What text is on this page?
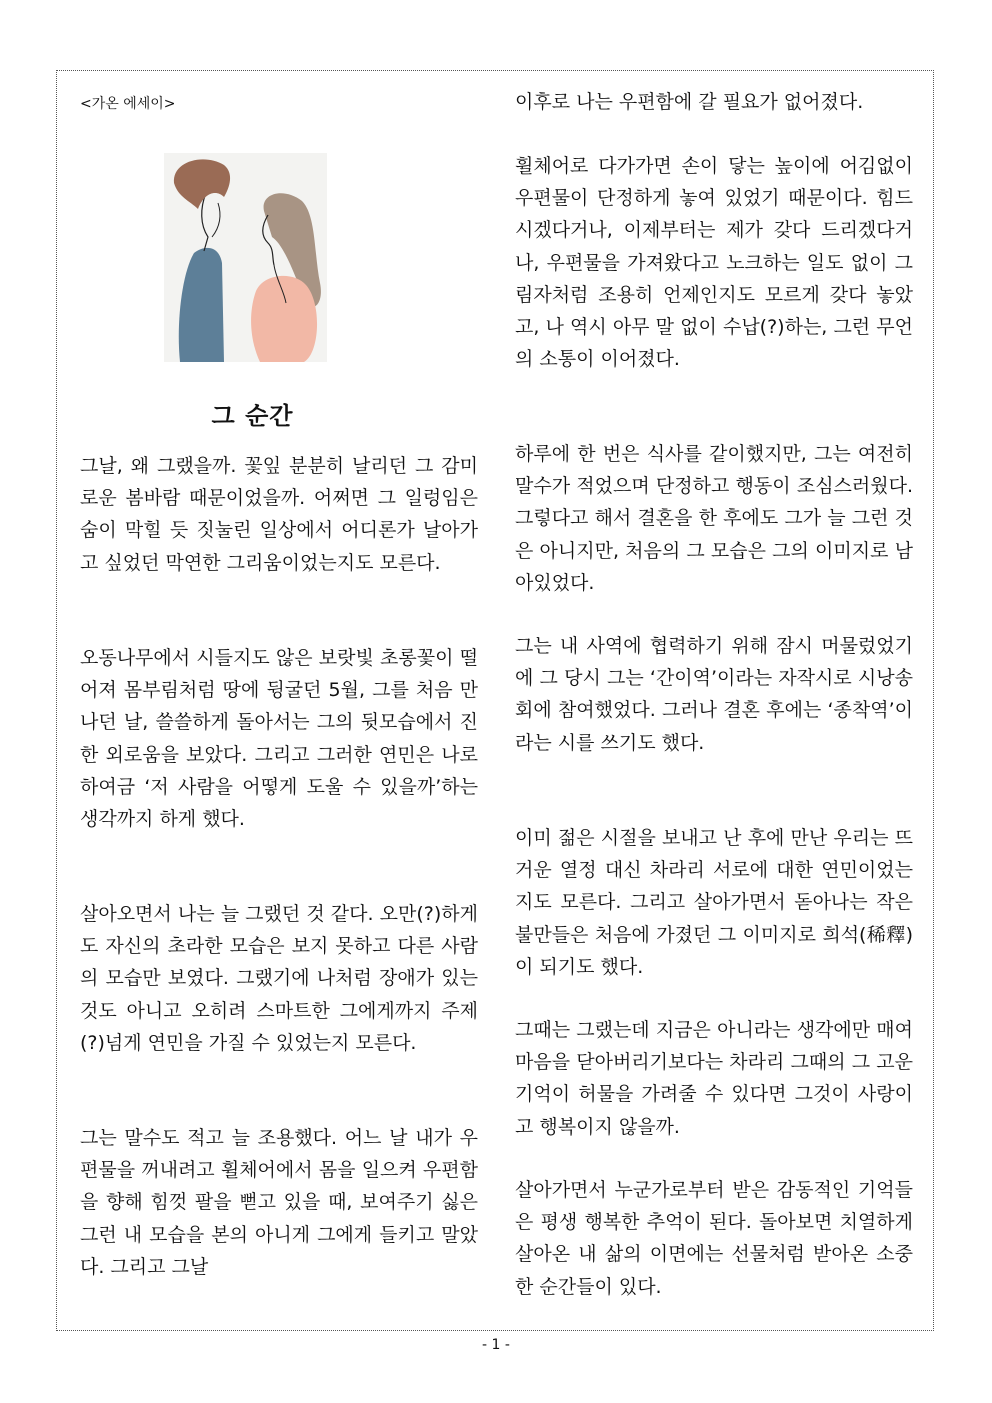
<가온 에세이>
그 순간

그날, 왜 그랬을까. 꽃잎 분분히 날리던 그 감미로운 봄바람 때문이었을까. 어쩌면 그 일렁임은 숨이 막힐 듯 짓눌린 일상에서 어디론가 날아가고 싶었던 막연한 그리움이었는지도 모른다.

오동나무에서 시들지도 않은 보랏빛 초롱꽃이 떨어져 몸부림처럼 땅에 뒹굴던 5월, 그를 처음 만나던 날, 쓸쓸하게 돌아서는 그의 뒷모습에서 진한 외로움을 보았다. 그리고 그러한 연민은 나로 하여금 ‘저 사람을 어떻게 도울 수 있을까’하는 생각까지 하게 했다.

살아오면서 나는 늘 그랬던 것 같다. 오만(?)하게도 자신의 초라한 모습은 보지 못하고 다른 사람의 모습만 보였다. 그랬기에 나처럼 장애가 있는 것도 아니고 오히려 스마트한 그에게까지 주제(?)넘게 연민을 가질 수 있었는지 모른다.

그는 말수도 적고 늘 조용했다. 어느 날 내가 우편물을 꺼내려고 휠체어에서 몸을 일으켜 우편함을 향해 힘껏 팔을 뻗고 있을 때, 보여주기 싫은 그런 내 모습을 본의 아니게 그에게 들키고 말았다. 그리고 그날

이후로 나는 우편함에 갈 필요가 없어졌다.

휠체어로 다가가면 손이 닿는 높이에 어김없이 우편물이 단정하게 놓여 있었기 때문이다. 힘드시겠다거나, 이제부터는 제가 갖다 드리겠다거나, 우편물을 가져왔다고 노크하는 일도 없이 그림자처럼 조용히 언제인지도 모르게 갖다 놓았고, 나 역시 아무 말 없이 수납(?)하는, 그런 무언의 소통이 이어졌다.

하루에 한 번은 식사를 같이했지만, 그는 여전히 말수가 적었으며 단정하고 행동이 조심스러웠다. 그렇다고 해서 결혼을 한 후에도 그가 늘 그런 것은 아니지만, 처음의 그 모습은 그의 이미지로 남아있었다.

그는 내 사역에 협력하기 위해 잠시 머물렀었기에 그 당시 그는 ‘간이역’이라는 자작시로 시낭송회에 참여했었다. 그러나 결혼 후에는 ‘종착역’이라는 시를 쓰기도 했다.

이미 젊은 시절을 보내고 난 후에 만난 우리는 뜨거운 열정 대신 차라리 서로에 대한 연민이었는지도 모른다. 그리고 살아가면서 돋아나는 작은 불만들은 처음에 가졌던 그 이미지로 희석(稀釋)이 되기도 했다.

그때는 그랬는데 지금은 아니라는 생각에만 매여 마음을 닫아버리기보다는 차라리 그때의 그 고운 기억이 허물을 가려줄 수 있다면 그것이 사랑이고 행복이지 않을까.

살아가면서 누군가로부터 받은 감동적인 기억들은 평생 행복한 추억이 된다. 돌아보면 치열하게 살아온 내 삶의 이면에는 선물처럼 받아온 소중한 순간들이 있다.

- 1 -
